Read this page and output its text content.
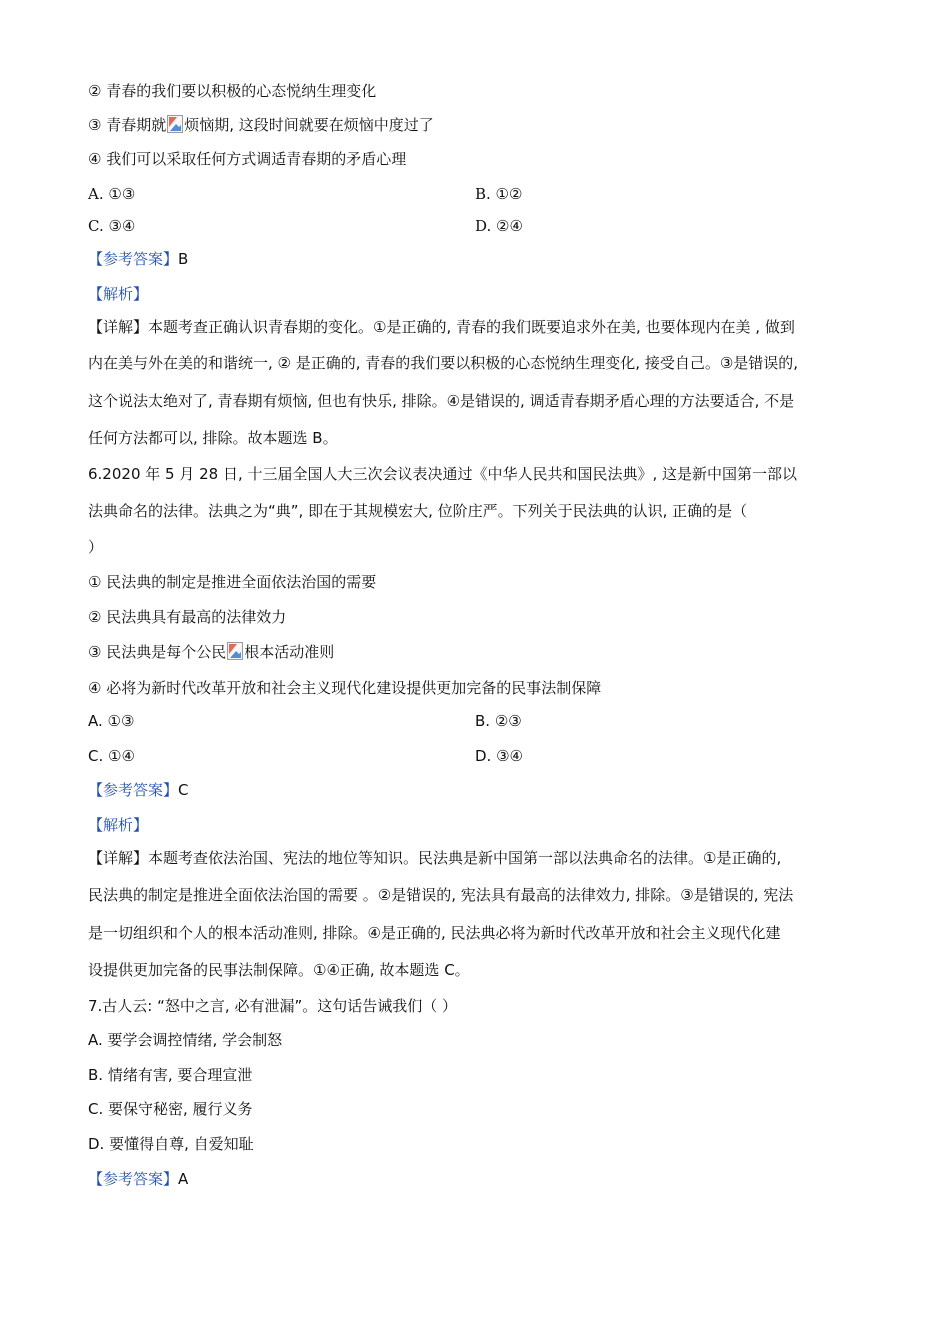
② 青春的我们要以积极的心态悦纳生理变化
③ 青春期就 烦恼期, 这段时间就要在烦恼中度过了
④ 我们可以采取任何方式调适青春期的矛盾心理
A. ①③	B. ①②
C. ③④	D. ②④
【参考答案】B
【解析】
【详解】本题考查正确认识青春期的变化。①是正确的, 青春的我们既要追求外在美, 也要体现内在美 , 做到
内在美与外在美的和谐统一, ② 是正确的, 青春的我们要以积极的心态悦纳生理变化, 接受自己。③是错误的,
这个说法太绝对了, 青春期有烦恼, 但也有快乐, 排除。④是错误的, 调适青春期矛盾心理的方法要适合, 不是
任何方法都可以, 排除。故本题选 B。
6.2020 年 5 月 28 日, 十三届全国人大三次会议表决通过《中华人民共和国民法典》, 这是新中国第一部以
法典命名的法律。法典之为“典”, 即在于其规模宏大, 位阶庄严。下列关于民法典的认识, 正确的是（
）
① 民法典的制定是推进全面依法治国的需要
② 民法典具有最高的法律效力
③ 民法典是每个公民 根本活动准则
④ 必将为新时代改革开放和社会主义现代化建设提供更加完备的民事法制保障
A. ①③	B. ②③
C. ①④	D. ③④
【参考答案】C
【解析】
【详解】本题考查依法治国、宪法的地位等知识。民法典是新中国第一部以法典命名的法律。①是正确的,
民法典的制定是推进全面依法治国的需要 。②是错误的, 宪法具有最高的法律效力, 排除。③是错误的, 宪法
是一切组织和个人的根本活动准则, 排除。④是正确的, 民法典必将为新时代改革开放和社会主义现代化建
设提供更加完备的民事法制保障。①④正确, 故本题选 C。
7.古人云: “怒中之言, 必有泄漏”。这句话告诫我们（ ）
A. 要学会调控情绪, 学会制怒
B. 情绪有害, 要合理宣泄
C. 要保守秘密, 履行义务
D. 要懂得自尊, 自爱知耻
【参考答案】A
